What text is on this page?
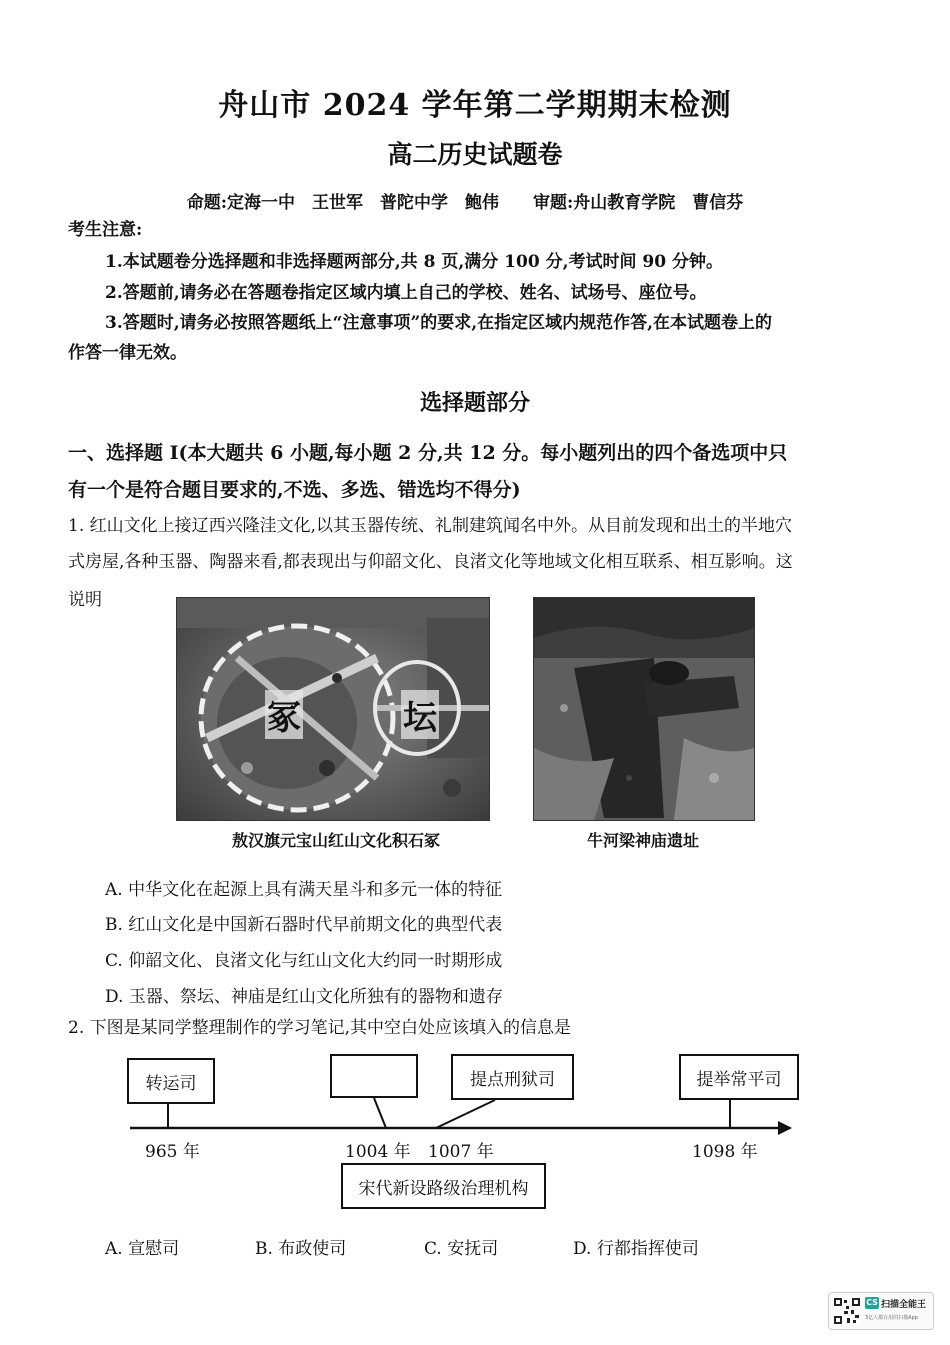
舟山市 2024 学年第二学期期末检测
高二历史试题卷
命题:定海一中　王世军　普陀中学　鲍伟　　审题:舟山教育学院　曹信芬
考生注意:
1.本试题卷分选择题和非选择题两部分,共 8 页,满分 100 分,考试时间 90 分钟。
2.答题前,请务必在答题卷指定区域内填上自己的学校、姓名、试场号、座位号。
3.答题时,请务必按照答题纸上“注意事项”的要求,在指定区域内规范作答,在本试题卷上的
作答一律无效。
选择题部分
一、选择题 I(本大题共 6 小题,每小题 2 分,共 12 分。每小题列出的四个备选项中只
有一个是符合题目要求的,不选、多选、错选均不得分)
1. 红山文化上接辽西兴隆洼文化,以其玉器传统、礼制建筑闻名中外。从目前发现和出土的半地穴
式房屋,各种玉器、陶器来看,都表现出与仰韶文化、良渚文化等地域文化相互联系、相互影响。这
说明
冢	坛
敖汉旗元宝山红山文化积石冢	牛河梁神庙遗址
A. 中华文化在起源上具有满天星斗和多元一体的特征
B. 红山文化是中国新石器时代早前期文化的典型代表
C. 仰韶文化、良渚文化与红山文化大约同一时期形成
D. 玉器、祭坛、神庙是红山文化所独有的器物和遗存
2. 下图是某同学整理制作的学习笔记,其中空白处应该填入的信息是
转运司	提点刑狱司	提举常平司
965 年	1004 年 1007 年	1098 年
宋代新设路级治理机构
A. 宣慰司	B. 布政使司	C. 安抚司	D. 行都指挥使司
CS 扫描全能王
3亿人都在用的扫描App
